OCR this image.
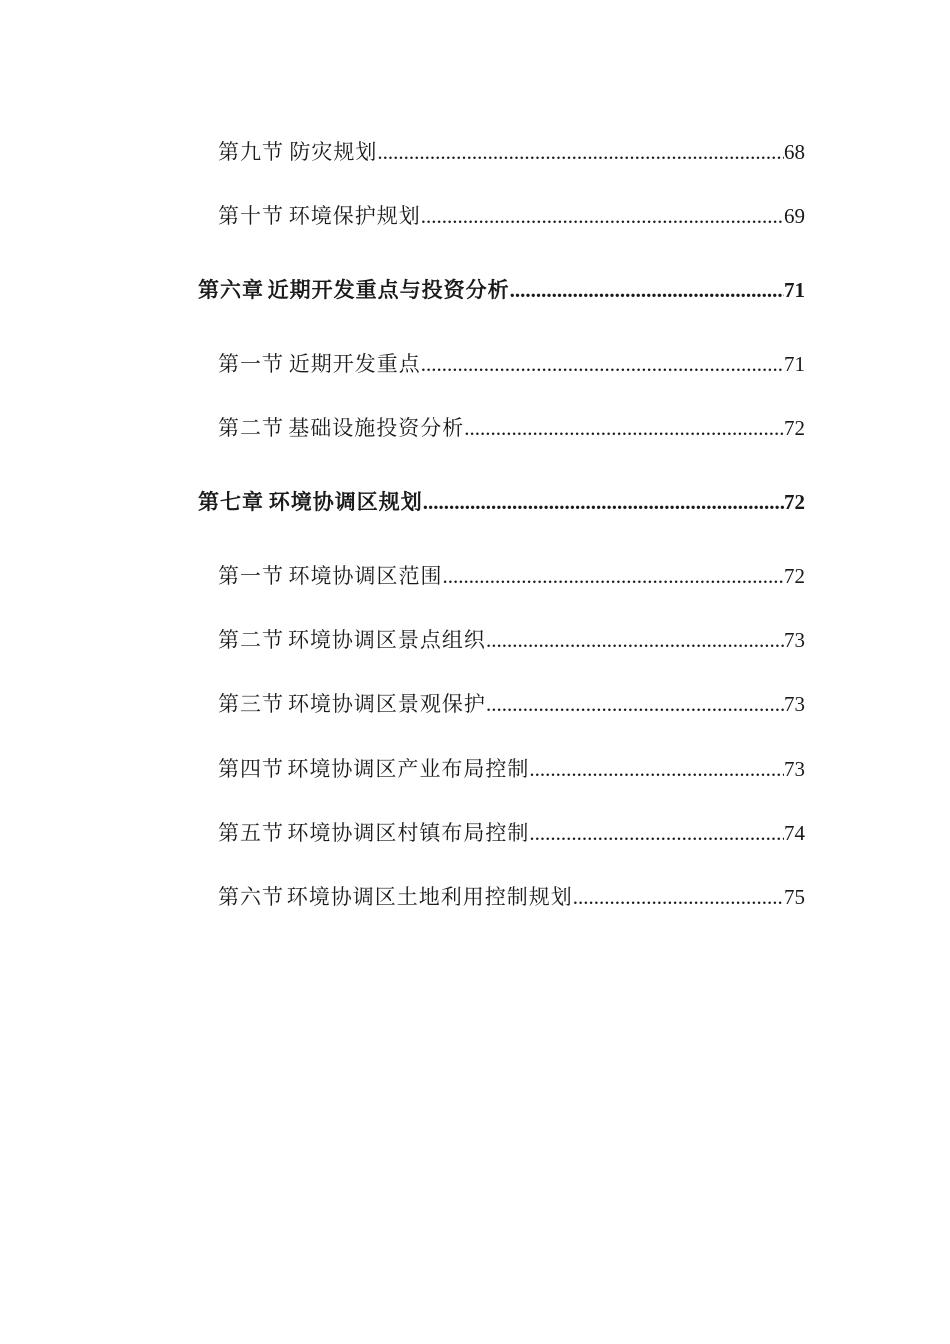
第九节 防灾规划 .....	68
第十节 环境保护规划 .....	69
第六章 近期开发重点与投资分析 .....	71
第一节 近期开发重点 .....	71
第二节 基础设施投资分析 .....	72
第七章 环境协调区规划 .....	72
第一节 环境协调区范围 .....	72
第二节 环境协调区景点组织 .....	73
第三节 环境协调区景观保护 .....	73
第四节 环境协调区产业布局控制 .....	73
第五节 环境协调区村镇布局控制 .....	74
第六节 环境协调区土地利用控制规划 .....	75
